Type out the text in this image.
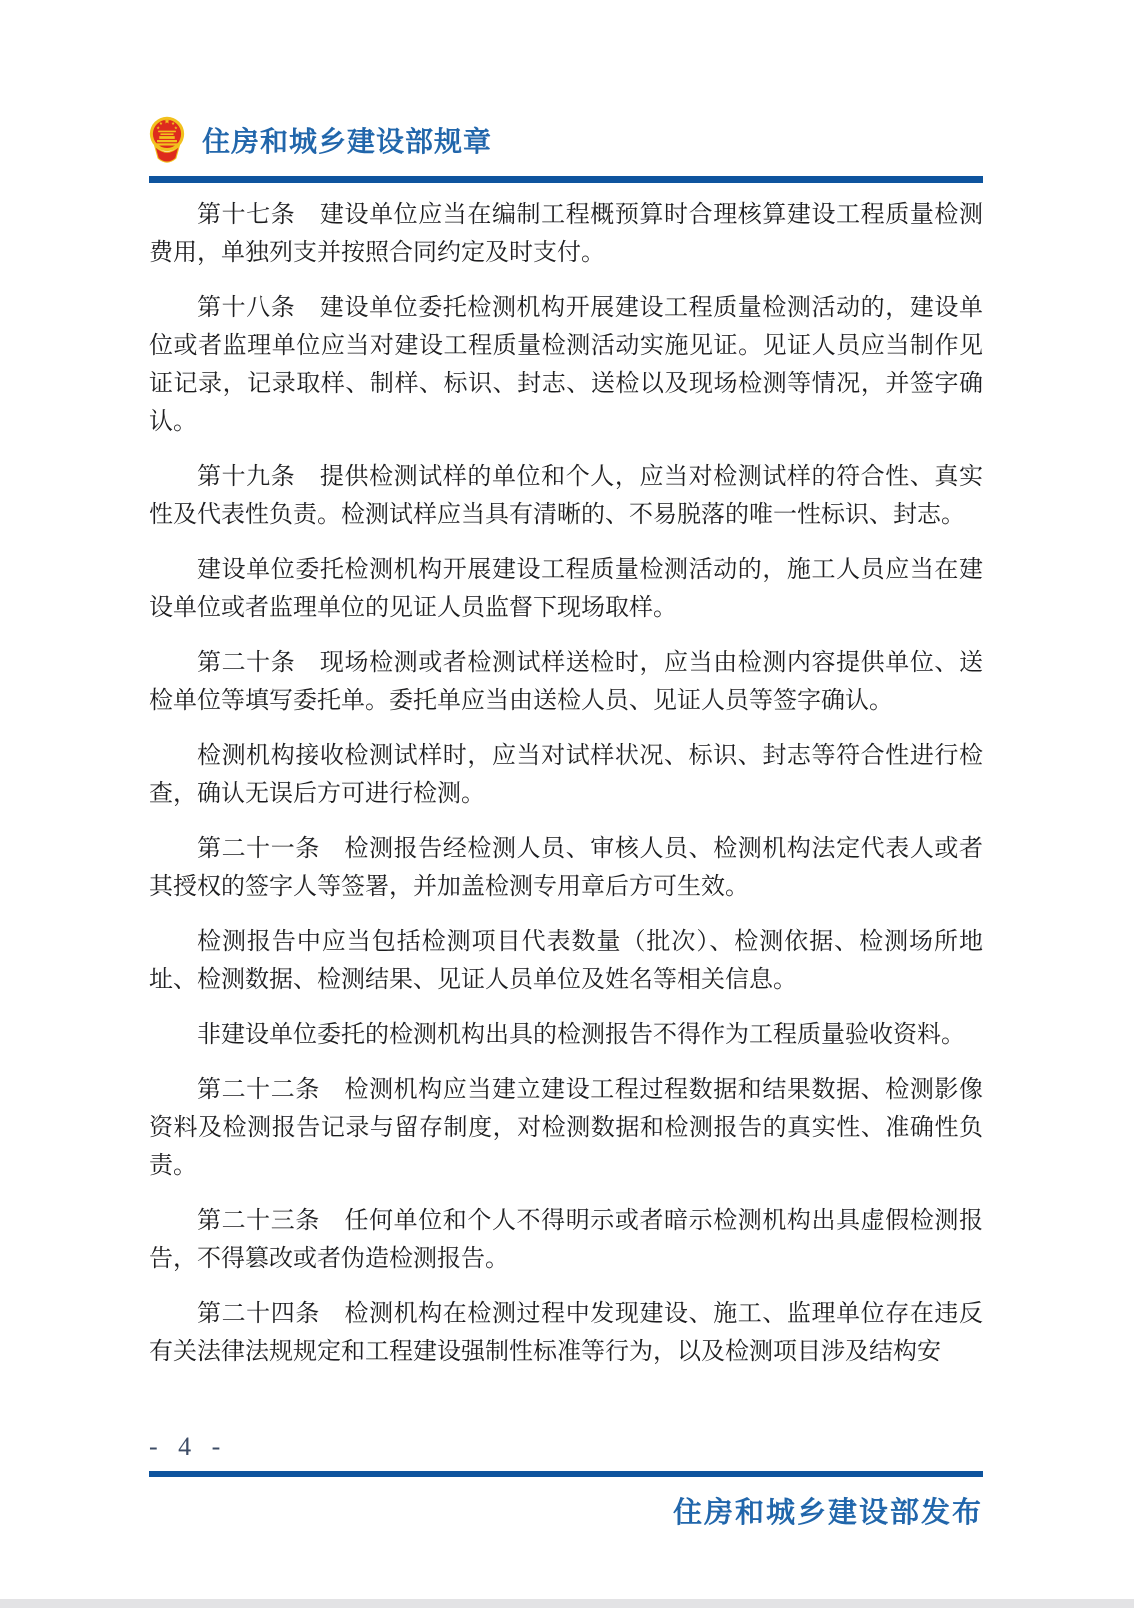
住房和城乡建设部规章

第十七条　建设单位应当在编制工程概预算时合理核算建设工程质量检测费用，单独列支并按照合同约定及时支付。

第十八条　建设单位委托检测机构开展建设工程质量检测活动的，建设单位或者监理单位应当对建设工程质量检测活动实施见证。见证人员应当制作见证记录，记录取样、制样、标识、封志、送检以及现场检测等情况，并签字确认。

第十九条　提供检测试样的单位和个人，应当对检测试样的符合性、真实性及代表性负责。检测试样应当具有清晰的、不易脱落的唯一性标识、封志。

建设单位委托检测机构开展建设工程质量检测活动的，施工人员应当在建设单位或者监理单位的见证人员监督下现场取样。

第二十条　现场检测或者检测试样送检时，应当由检测内容提供单位、送检单位等填写委托单。委托单应当由送检人员、见证人员等签字确认。

检测机构接收检测试样时，应当对试样状况、标识、封志等符合性进行检查，确认无误后方可进行检测。

第二十一条　检测报告经检测人员、审核人员、检测机构法定代表人或者其授权的签字人等签署，并加盖检测专用章后方可生效。

检测报告中应当包括检测项目代表数量（批次）、检测依据、检测场所地址、检测数据、检测结果、见证人员单位及姓名等相关信息。

非建设单位委托的检测机构出具的检测报告不得作为工程质量验收资料。

第二十二条　检测机构应当建立建设工程过程数据和结果数据、检测影像资料及检测报告记录与留存制度，对检测数据和检测报告的真实性、准确性负责。

第二十三条　任何单位和个人不得明示或者暗示检测机构出具虚假检测报告，不得篡改或者伪造检测报告。

第二十四条　检测机构在检测过程中发现建设、施工、监理单位存在违反有关法律法规规定和工程建设强制性标准等行为，以及检测项目涉及结构安

- 4 -
住房和城乡建设部发布
